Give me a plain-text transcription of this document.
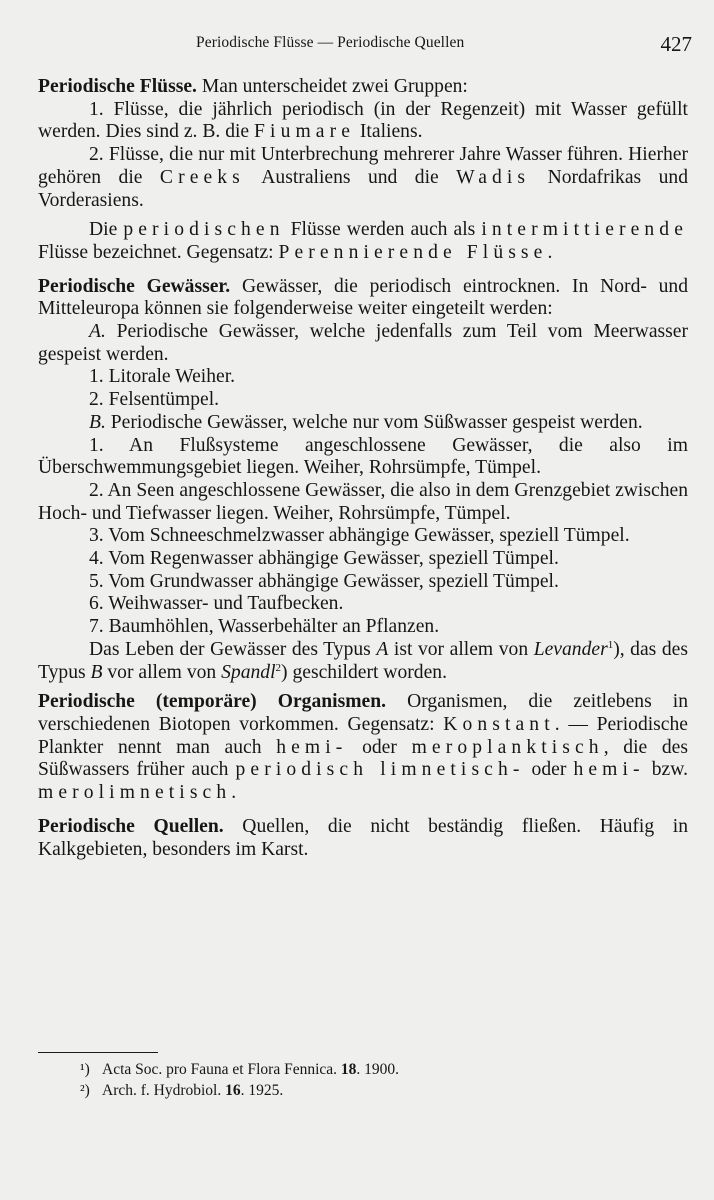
Periodische Flüsse — Periodische Quellen	427

Periodische Flüsse. Man unterscheidet zwei Gruppen:

1. Flüsse, die jährlich periodisch (in der Regenzeit) mit Wasser gefüllt werden. Dies sind z. B. die Fiumare Italiens.

2. Flüsse, die nur mit Unterbrechung mehrerer Jahre Wasser führen. Hierher gehören die Creeks Australiens und die Wadis Nordafrikas und Vorderasiens.

Die periodischen Flüsse werden auch als intermittierende Flüsse bezeichnet. Gegensatz: Perennierende Flüsse.

Periodische Gewässer. Gewässer, die periodisch eintrocknen. In Nord- und Mitteleuropa können sie folgenderweise weiter eingeteilt werden:

A. Periodische Gewässer, welche jedenfalls zum Teil vom Meerwasser gespeist werden.

1. Litorale Weiher.

2. Felsentümpel.

B. Periodische Gewässer, welche nur vom Süßwasser gespeist werden.

1. An Flußsysteme angeschlossene Gewässer, die also im Überschwemmungsgebiet liegen. Weiher, Rohrsümpfe, Tümpel.

2. An Seen angeschlossene Gewässer, die also in dem Grenzgebiet zwischen Hoch- und Tiefwasser liegen. Weiher, Rohrsümpfe, Tümpel.

3. Vom Schneeschmelzwasser abhängige Gewässer, speziell Tümpel.

4. Vom Regenwasser abhängige Gewässer, speziell Tümpel.

5. Vom Grundwasser abhängige Gewässer, speziell Tümpel.

6. Weihwasser- und Taufbecken.

7. Baumhöhlen, Wasserbehälter an Pflanzen.

Das Leben der Gewässer des Typus A ist vor allem von Levander$^1$), das des Typus B vor allem von Spandl$^2$) geschildert worden.

Periodische (temporäre) Organismen. Organismen, die zeitlebens in verschiedenen Biotopen vorkommen. Gegensatz: Konstant. — Periodische Plankter nennt man auch hemi- oder meroplanktisch, die des Süßwassers früher auch periodisch limnetisch- oder hemi- bzw. merolimnetisch.

Periodische Quellen. Quellen, die nicht beständig fließen. Häufig in Kalkgebieten, besonders im Karst.

¹) Acta Soc. pro Fauna et Flora Fennica. 18. 1900.
²) Arch. f. Hydrobiol. 16. 1925.
